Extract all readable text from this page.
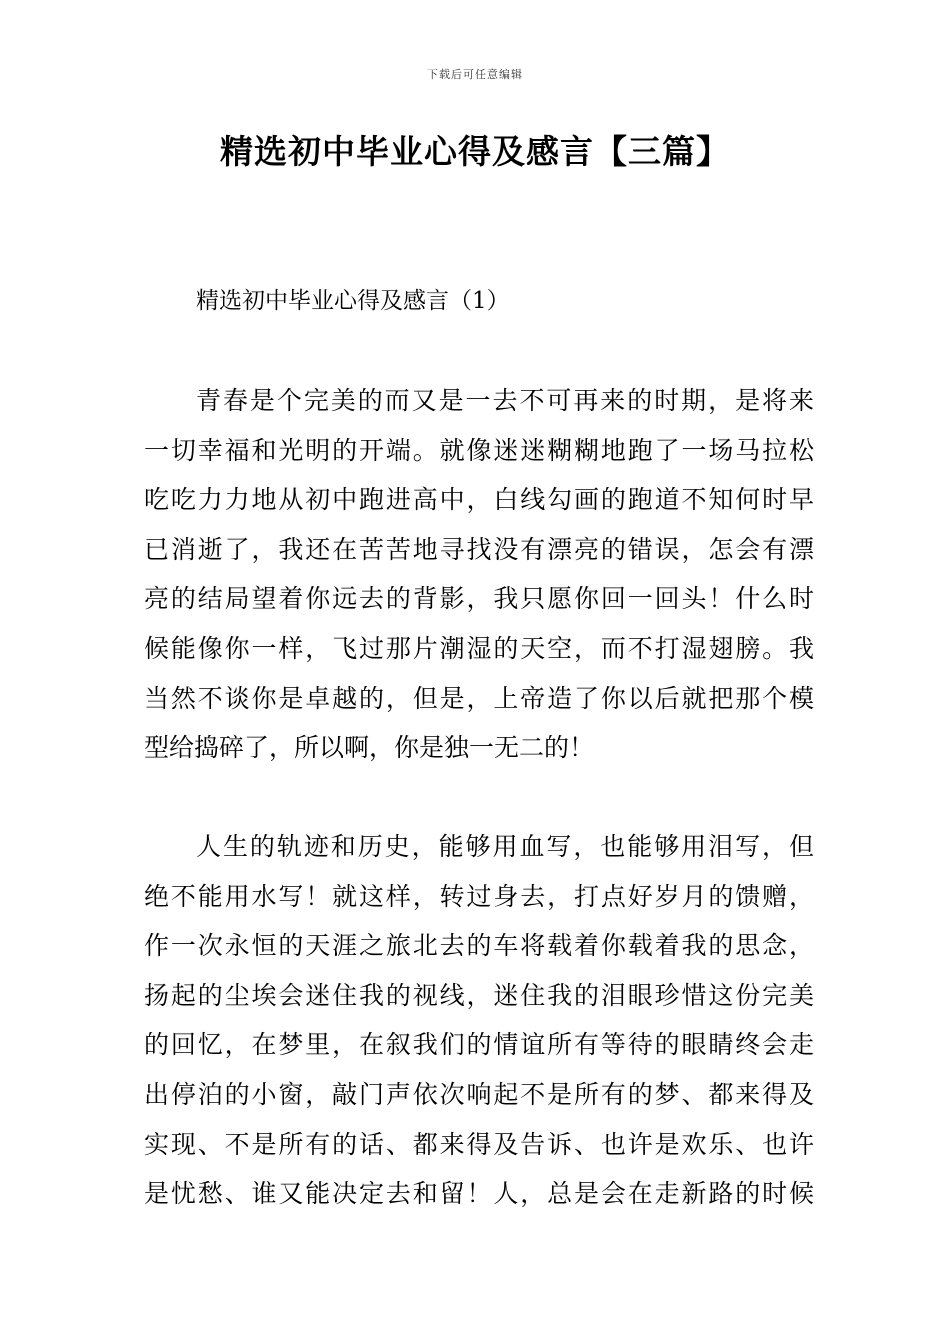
下载后可任意编辑
精选初中毕业心得及感言【三篇】
精选初中毕业心得及感言（1）
青春是个完美的而又是一去不可再来的时期，是将来
一切幸福和光明的开端。就像迷迷糊糊地跑了一场马拉松
吃吃力力地从初中跑进高中，白线勾画的跑道不知何时早
已消逝了，我还在苦苦地寻找没有漂亮的错误，怎会有漂
亮的结局望着你远去的背影，我只愿你回一回头！什么时
候能像你一样，飞过那片潮湿的天空，而不打湿翅膀。我
当然不谈你是卓越的，但是，上帝造了你以后就把那个模
型给捣碎了，所以啊，你是独一无二的！
人生的轨迹和历史，能够用血写，也能够用泪写，但
绝不能用水写！就这样，转过身去，打点好岁月的馈赠，
作一次永恒的天涯之旅北去的车将载着你载着我的思念，
扬起的尘埃会迷住我的视线，迷住我的泪眼珍惜这份完美
的回忆，在梦里，在叙我们的情谊所有等待的眼睛终会走
出停泊的小窗，敲门声依次响起不是所有的梦、都来得及
实现、不是所有的话、都来得及告诉、也许是欢乐、也许
是忧愁、谁又能决定去和留！人，总是会在走新路的时候
